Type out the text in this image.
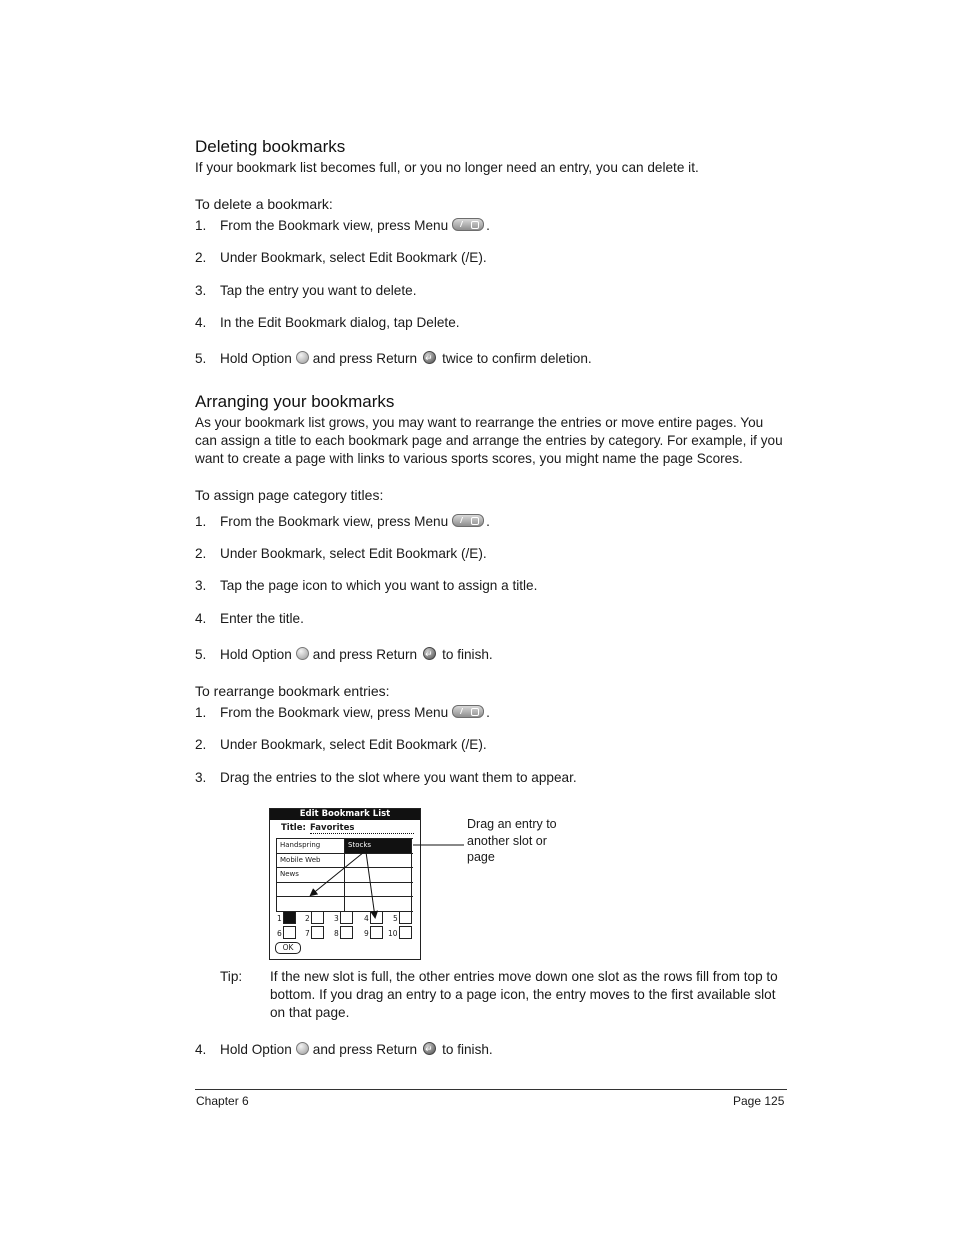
Deleting bookmarks
If your bookmark list becomes full, or you no longer need an entry, you can delete it.
To delete a bookmark:
1. From the Bookmark view, press Menu	.
2. Under Bookmark, select Edit Bookmark (/E).
3. Tap the entry you want to delete.
4. In the Edit Bookmark dialog, tap Delete.
5. Hold Option and press Return ↵ twice to confirm deletion.
Arranging your bookmarks
As your bookmark list grows, you may want to rearrange the entries or move entire pages. You can assign a title to each bookmark page and arrange the entries by category. For example, if you want to create a page with links to various sports scores, you might name the page Scores.
To assign page category titles:
1. From the Bookmark view, press Menu	.
2. Under Bookmark, select Edit Bookmark (/E).
3. Tap the page icon to which you want to assign a title.
4. Enter the title.
5. Hold Option and press Return ↵ to finish.
To rearrange bookmark entries:
1. From the Bookmark view, press Menu	.
2. Under Bookmark, select Edit Bookmark (/E).
3. Drag the entries to the slot where you want them to appear.
Edit Bookmark List
Title: Favorites
Handspring	Stocks
Mobile Web
News
1	2	3	4	5
6	7	8	9	10
OK
Drag an entry to another slot or page
Tip: If the new slot is full, the other entries move down one slot as the rows fill from top to bottom. If you drag an entry to a page icon, the entry moves to the first available slot on that page.
4. Hold Option and press Return ↵ to finish.
Chapter 6	Page 125
